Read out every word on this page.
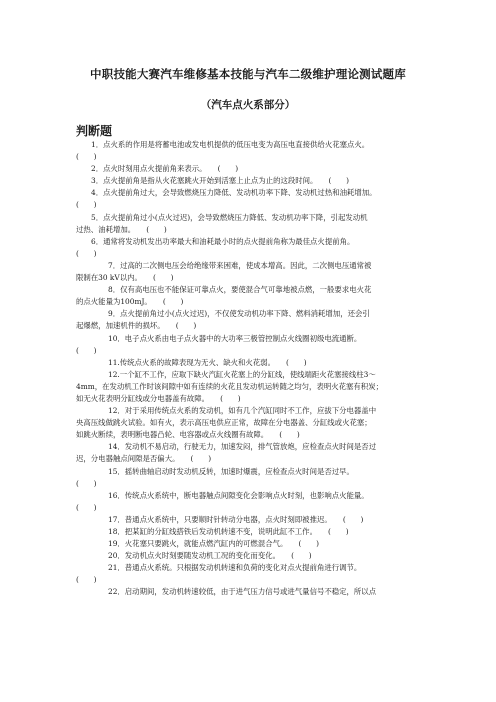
中职技能大赛汽车维修基本技能与汽车二级维护理论测试题库
（汽车点火系部分）
判断题
1．点火系的作用是将蓄电池或发电机提供的低压电变为高压电直接供给火花塞点火。
(　　)
2．点火时刻用点火提前角来表示。　　(　　)
3．点火提前角是指从火花塞跳火开始到活塞上止点为止的这段时间。　　(　　)
4．点火提前角过大，会导致燃烧压力降低、发动机功率下降、发动机过热和油耗增加。
(　　)
5．点火提前角过小(点火过迟)，会导致燃烧压力降低、发动机功率下降，引起发动机
过热、油耗增加。　　(　　)
6．通常将发动机发出功率最大和油耗最小时的点火提前角称为最佳点火提前角。
(　　)
7．过高的二次侧电压会给绝缘带来困难，使成本增高。因此，二次侧电压通常被
限制在30 kV以内。　　(　　)
8．仅有高电压也不能保证可靠点火，要使混合气可靠地被点燃，一般要求电火花
的点火能量为100mJ。　　(　　)
9．点火提前角过小(点火过迟)，不仅使发动机功率下降、燃料消耗增加，还会引
起爆燃，加速机件的损坏。　　(　　)
10．电子点火系由电子点火器中的大功率三极管控制点火线圈初级电流通断。
(　　)
11.传统点火系的故障表现为无火、缺火和火花弱。　　(　　)
12.一个缸不工作，应取下缺火汽缸火花塞上的分缸线，使线端距火花塞接线柱3～
4mm，在发动机工作时该间隙中如有连续的火花且发动机运转随之均匀，表明火花塞有积炭；
如无火花表明分缸线或分电器盖有故障。　　(　　)
12．对于采用传统点火系的发动机，如有几个汽缸同时不工作，应拔下分电器盖中
央高压线做跳火试验。如有火，表示高压电供应正常，故障在分电器盖、分缸线或火花塞；
如跳火断续，表明断电器凸轮、电容器或点火线圈有故障。　　(　　)
14．发动机不易启动，行驶无力，加速发闷，排气管放炮，应检查点火时间是否过
迟，分电器触点间隙是否偏大。　　(　　)
15．摇转曲轴启动时发动机反转，加速时爆震，应检查点火时间是否过早。
(　　)
16．传统点火系统中，断电器触点间隙变化会影响点火时刻，也影响点火能量。
(　　)
17．普通点火系统中，只要顺时针转动分电器，点火时刻即被推迟。　　(　　)
18．把某缸的分缸线搭铁后发动机转速不变，说明此缸不工作。　　(　　)
19．火花塞只要跳火，就能点燃汽缸内的可燃混合气。　　(　　)
20．发动机点火时刻要随发动机工况的变化而变化。　　(　　)
21．普通点火系统。只根据发动机转速和负荷的变化对点火提前角进行调节。
(　　)
22．启动期间，发动机转速较低，由于进气压力信号或进气量信号不稳定，所以点
